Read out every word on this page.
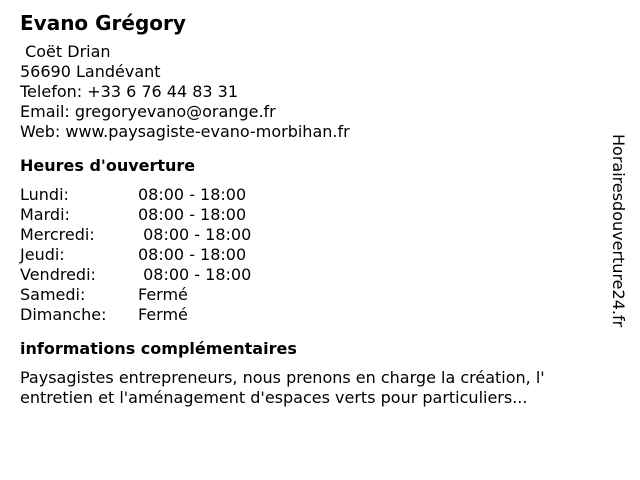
Evano Grégory
Coët Drian
56690 Landévant
Telefon: +33 6 76 44 83 31
Email: gregoryevano@orange.fr
Web: www.paysagiste-evano-morbihan.fr
Heures d'ouverture
Lundi:	08:00 - 18:00
Mardi:	08:00 - 18:00
Mercredi:	08:00 - 18:00
Jeudi:	08:00 - 18:00
Vendredi:	08:00 - 18:00
Samedi:	Fermé
Dimanche:	Fermé
informations complémentaires
Paysagistes entrepreneurs, nous prenons en charge la création, l' entretien et l'aménagement d'espaces verts pour particuliers...
Horairesdouverture24.fr
